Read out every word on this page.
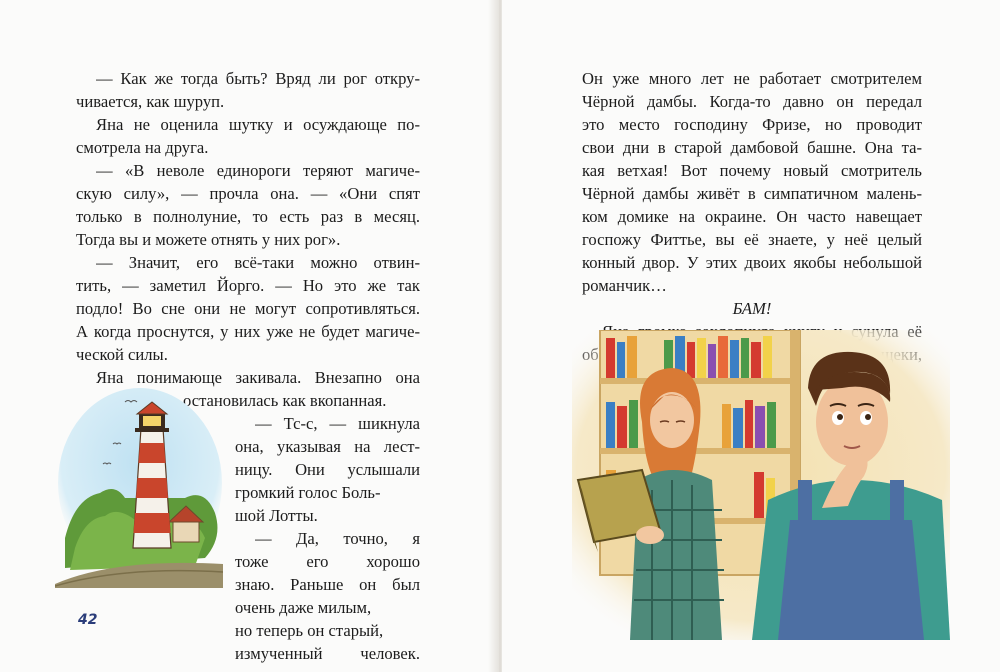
— Как же тогда быть? Вряд ли рог откру-
чивается, как шуруп.
Яна не оценила шутку и осуждающе по-
смотрела на друга.
— «В неволе единороги теряют магиче-
скую силу», — прочла она. — «Они спят
только в полнолуние, то есть раз в месяц.
Тогда вы и можете отнять у них рог».
— Значит, его всё-таки можно отвин-
тить, — заметил Йорго. — Но это же так
подло! Во сне они не могут сопротивляться.
А когда проснутся, у них уже не будет магиче-
ческой силы.
Яна понимающе закивала. Внезапно она
остановилась как вкопанная.
— Тс-с, — шикнула
она, указывая на лест-
ницу. Они услышали
громкий голос Боль-
шой Лотты.
— Да, точно, я
тоже его хорошо
знаю. Раньше он был
очень даже милым,
но теперь он старый,
измученный человек.
42
Он уже много лет не работает смотрителем
Чёрной дамбы. Когда-то давно он передал
это место господину Фризе, но проводит
свои дни в старой дамбовой башне. Она та-
кая ветхая! Вот почему новый смотритель
Чёрной дамбы живёт в симпатичном малень-
ком домике на окраине. Он часто навещает
госпожу Фиттье, вы её знаете, у неё целый
конный двор. У этих двоих якобы небольшой
романчик…
БАМ!
